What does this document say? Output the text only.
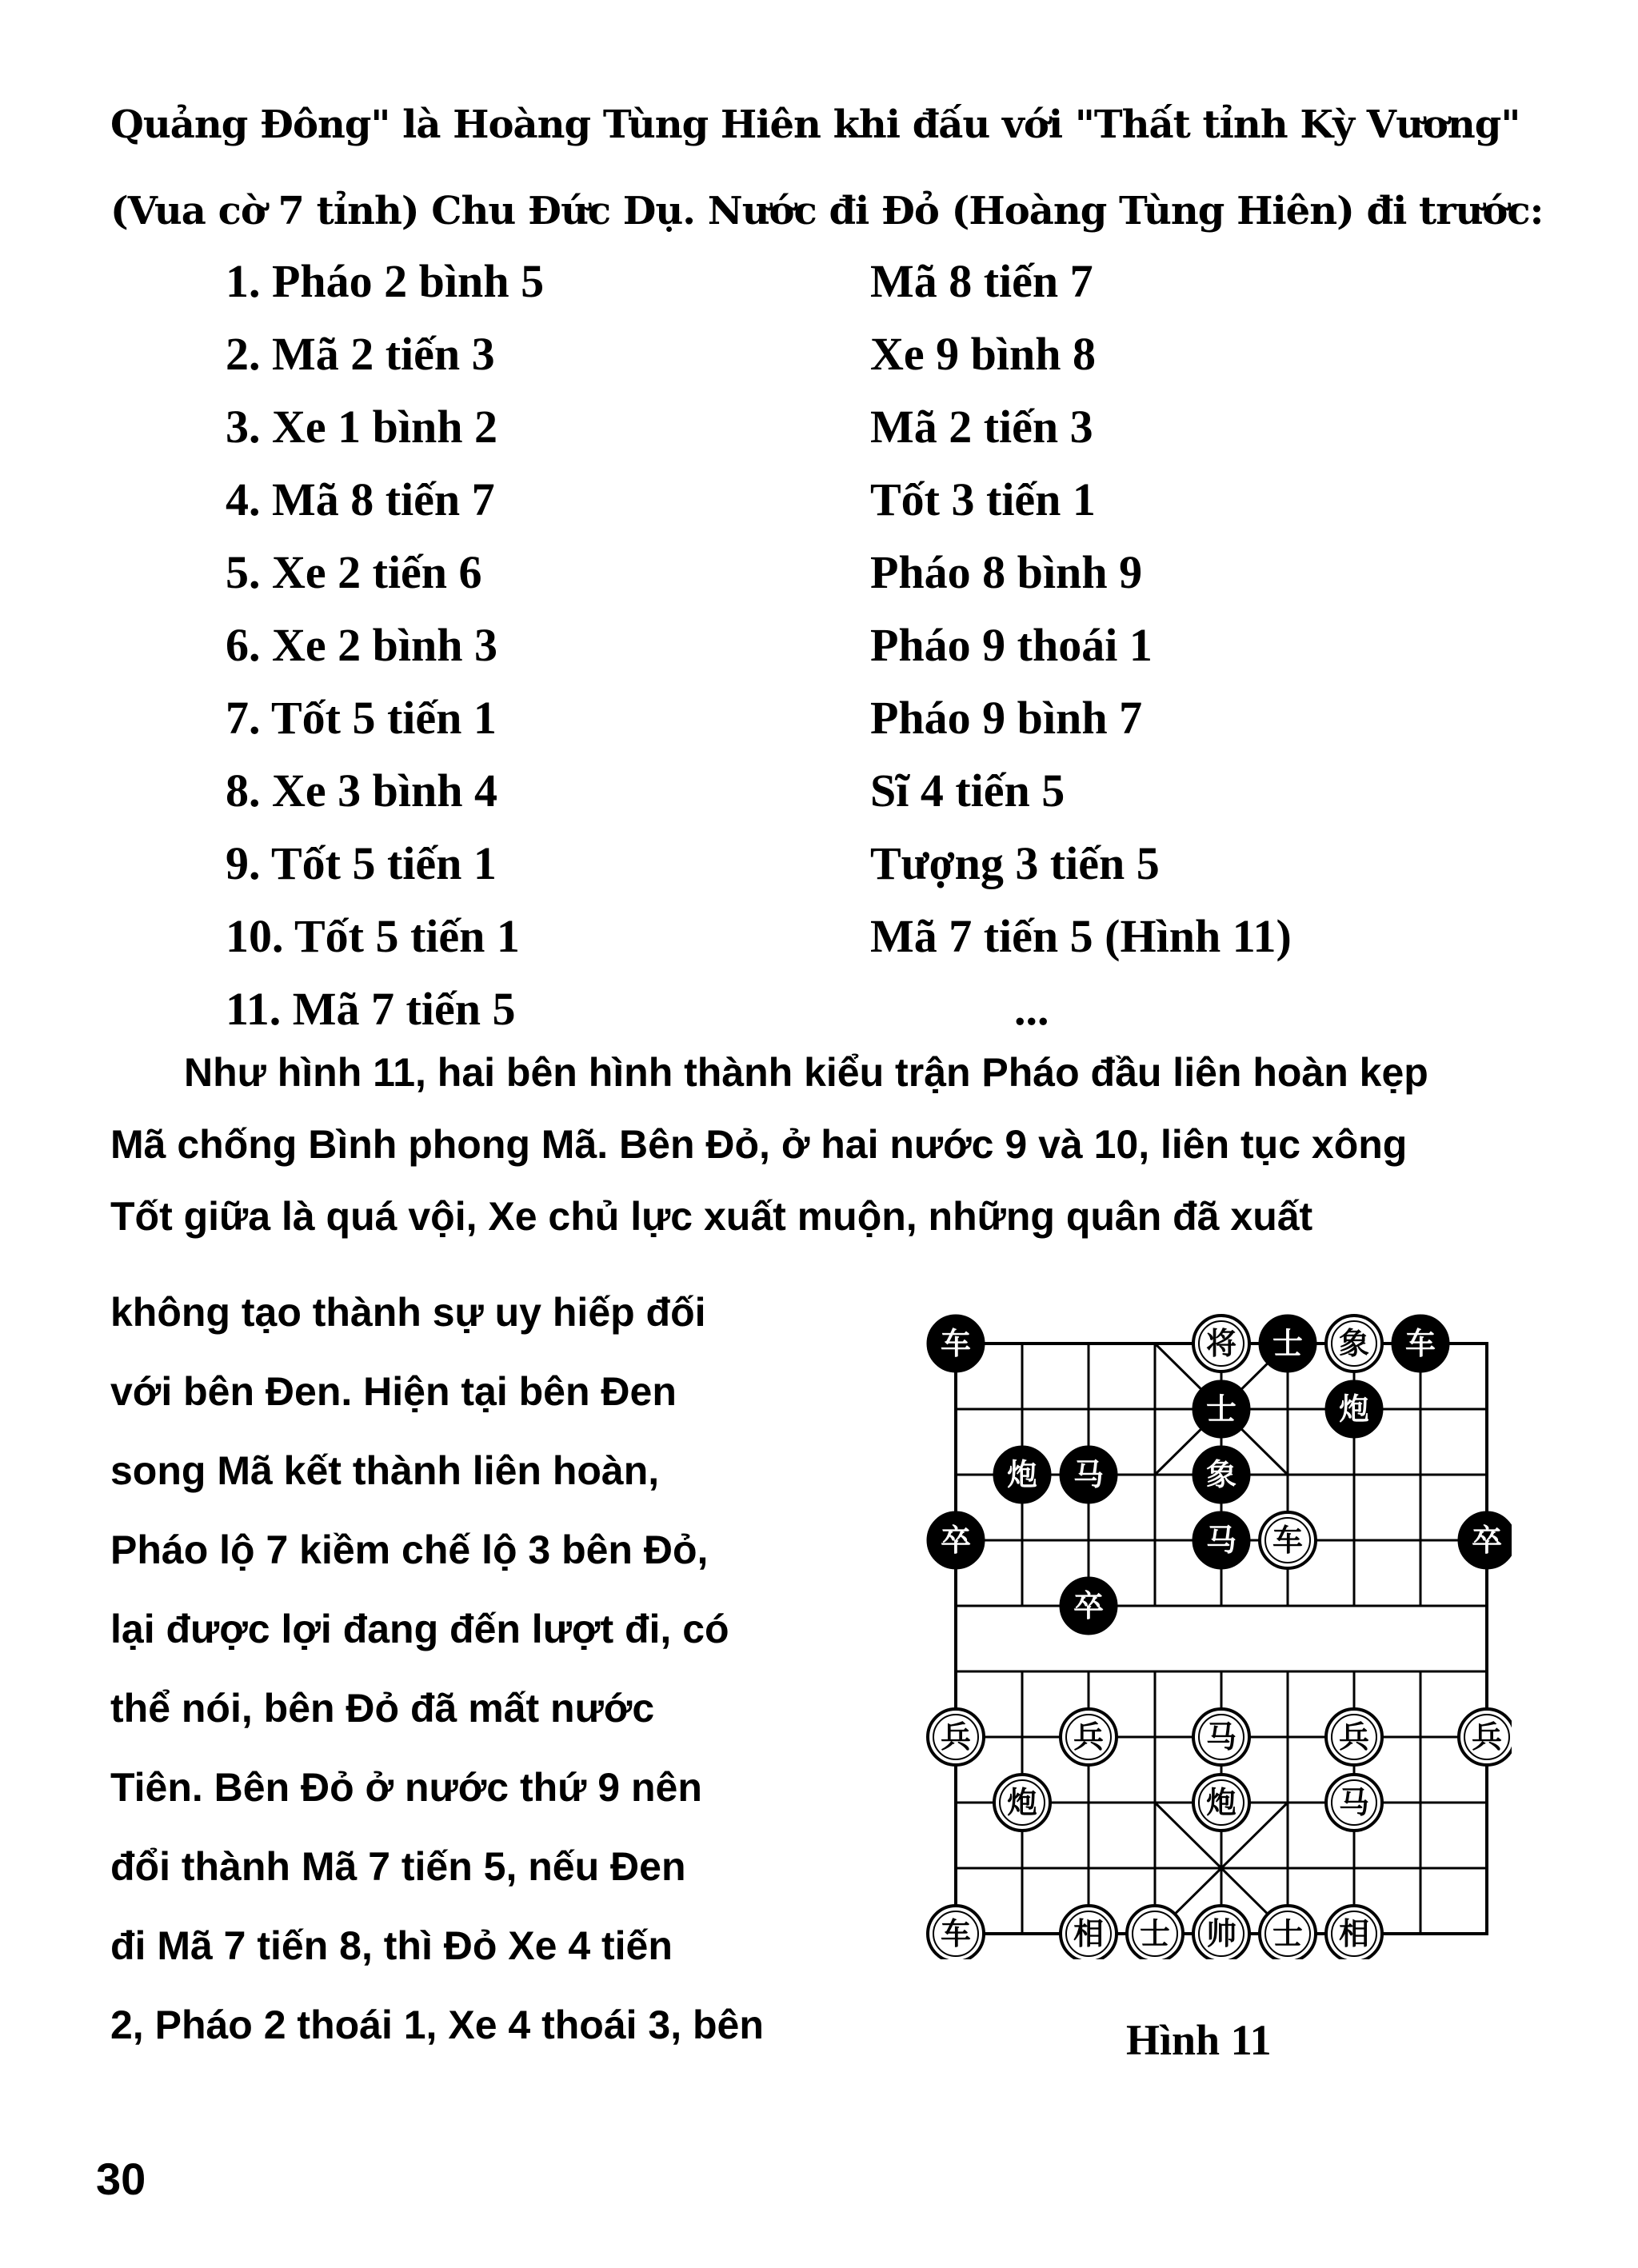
Quảng Đông" là Hoàng Tùng Hiên khi đấu với "Thất tỉnh Kỳ Vương"
(Vua cờ 7 tỉnh) Chu Đức Dụ. Nước đi Đỏ (Hoàng Tùng Hiên) đi trước:
1. Pháo 2 bình 5	Mã 8 tiến 7
2. Mã 2 tiến 3	Xe 9 bình 8
3. Xe 1 bình 2	Mã 2 tiến 3
4. Mã 8 tiến 7	Tốt 3 tiến 1
5. Xe 2 tiến 6	Pháo 8 bình 9
6. Xe 2 bình 3	Pháo 9 thoái 1
7. Tốt 5 tiến 1	Pháo 9 bình 7
8. Xe 3 bình 4	Sĩ 4 tiến 5
9. Tốt 5 tiến 1	Tượng 3 tiến 5
10. Tốt 5 tiến 1	Mã 7 tiến 5 (Hình 11)
11. Mã 7 tiến 5	...
Như hình 11, hai bên hình thành kiểu trận Pháo đầu liên hoàn kẹp
Mã chống Bình phong Mã. Bên Đỏ, ở hai nước 9 và 10, liên tục xông
Tốt giữa là quá vội, Xe chủ lực xuất muộn, những quân đã xuất
không tạo thành sự uy hiếp đối
với bên Đen. Hiện tại bên Đen
song Mã kết thành liên hoàn,
Pháo lộ 7 kiềm chế lộ 3 bên Đỏ,
lại được lợi đang đến lượt đi, có
thể nói, bên Đỏ đã mất nước
Tiên. Bên Đỏ ở nước thứ 9 nên
đổi thành Mã 7 tiến 5, nếu Đen
đi Mã 7 tiến 8, thì Đỏ Xe 4 tiến
2, Pháo 2 thoái 1, Xe 4 thoái 3, bên
车	将 士 象 车
士	炮
炮 马	象
卒	马 车	卒
卒
兵	兵	马	兵	兵
炮	炮	马
车	相 士 帅 士 相
Hình 11
30
